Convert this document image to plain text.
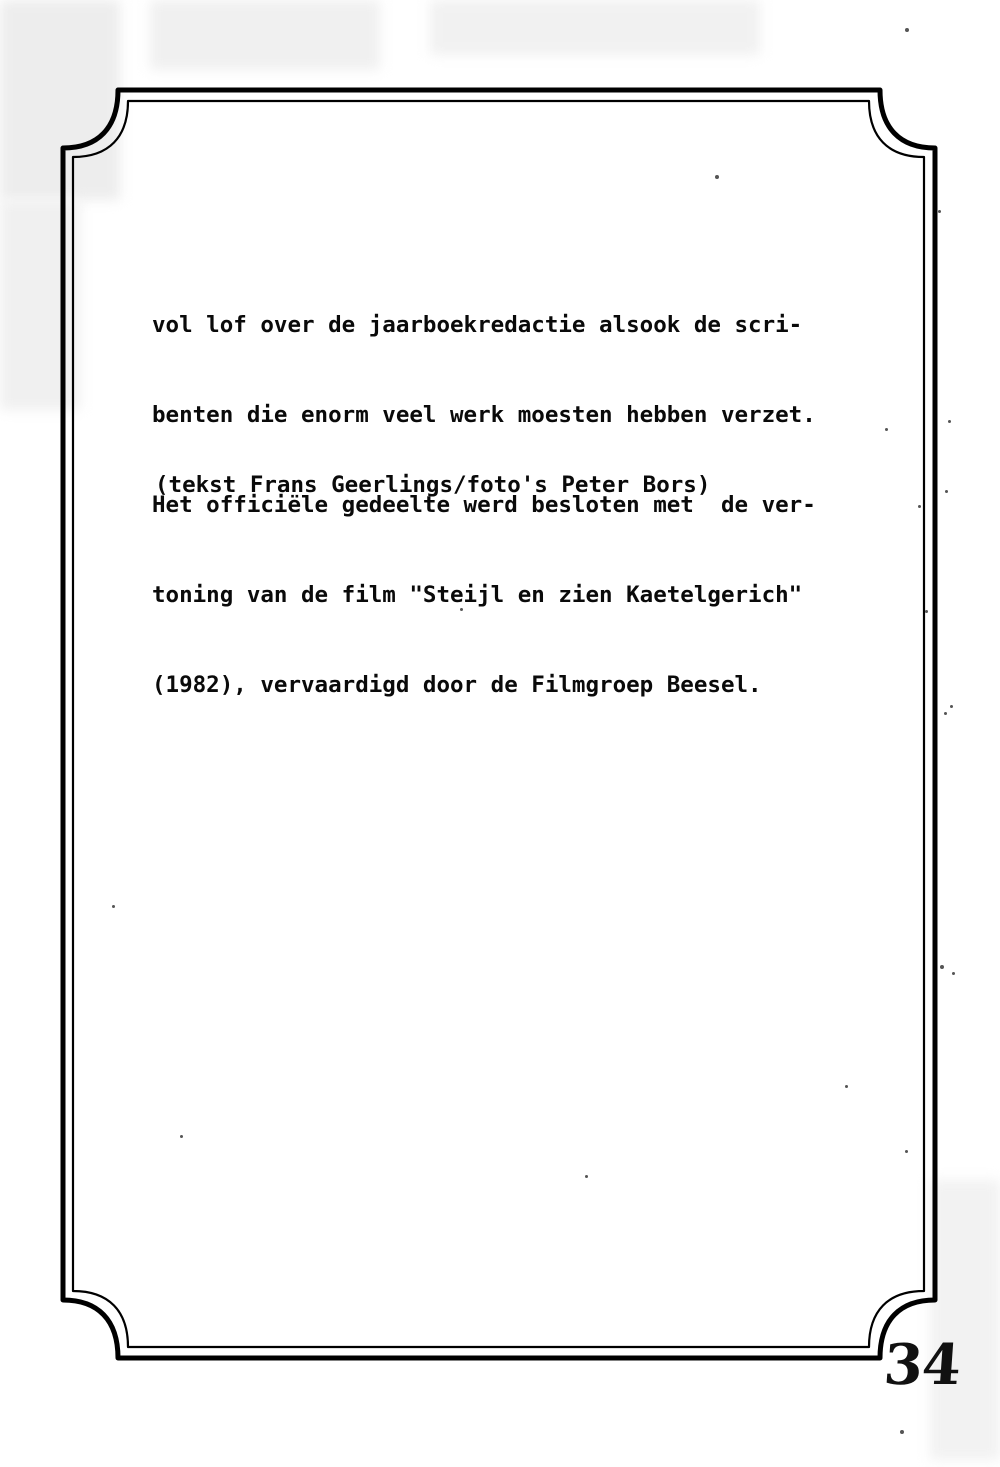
vol lof over de jaarboekredactie alsook de scri-

benten die enorm veel werk moesten hebben verzet.

Het officiële gedeelte werd besloten met  de ver-

toning van de film "Steijl en zien Kaetelgerich"

(1982), vervaardigd door de Filmgroep Beesel.

(tekst Frans Geerlings/foto's Peter Bors)
34
